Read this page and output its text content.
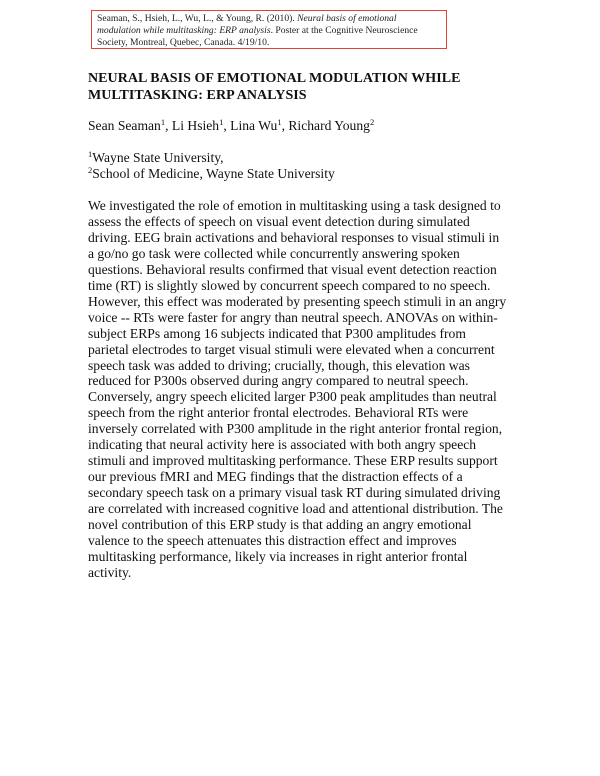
Seaman, S., Hsieh, L., Wu, L., & Young, R. (2010). Neural basis of emotional modulation while multitasking: ERP analysis. Poster at the Cognitive Neuroscience Society, Montreal, Quebec, Canada. 4/19/10.
NEURAL BASIS OF EMOTIONAL MODULATION WHILE
MULTITASKING: ERP ANALYSIS
Sean Seaman$^1$, Li Hsieh$^1$, Lina Wu$^1$, Richard Young$^2$
$^1$Wayne State University,
$^2$School of Medicine, Wayne State University

We investigated the role of emotion in multitasking using a task designed to
assess the effects of speech on visual event detection during simulated
driving. EEG brain activations and behavioral responses to visual stimuli in
a go/no go task were collected while concurrently answering spoken
questions. Behavioral results confirmed that visual event detection reaction
time (RT) is slightly slowed by concurrent speech compared to no speech.
However, this effect was moderated by presenting speech stimuli in an angry
voice -- RTs were faster for angry than neutral speech. ANOVAs on within-
subject ERPs among 16 subjects indicated that P300 amplitudes from
parietal electrodes to target visual stimuli were elevated when a concurrent
speech task was added to driving; crucially, though, this elevation was
reduced for P300s observed during angry compared to neutral speech.
Conversely, angry speech elicited larger P300 peak amplitudes than neutral
speech from the right anterior frontal electrodes. Behavioral RTs were
inversely correlated with P300 amplitude in the right anterior frontal region,
indicating that neural activity here is associated with both angry speech
stimuli and improved multitasking performance. These ERP results support
our previous fMRI and MEG findings that the distraction effects of a
secondary speech task on a primary visual task RT during simulated driving
are correlated with increased cognitive load and attentional distribution. The
novel contribution of this ERP study is that adding an angry emotional
valence to the speech attenuates this distraction effect and improves
multitasking performance, likely via increases in right anterior frontal
activity.
